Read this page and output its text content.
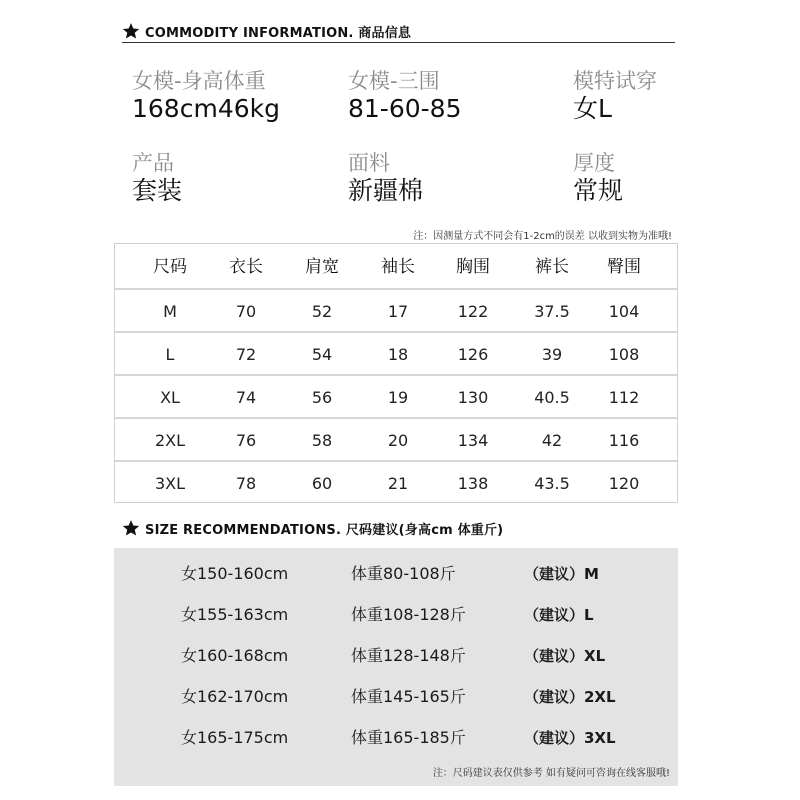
COMMODITY INFORMATION. 商品信息
女模-身高体重
168cm46kg
女模-三围
81-60-85
模特试穿
女L
产品
套装
面料
新疆棉
厚度
常规
注：因测量方式不同会有1-2cm的误差 以收到实物为准哦!
尺码	衣长	肩宽	袖长	胸围	裤长	臀围
M	70	52	17	122	37.5	104
L	72	54	18	126	39	108
XL	74	56	19	130	40.5	112
2XL	76	58	20	134	42	116
3XL	78	60	21	138	43.5	120
SIZE RECOMMENDATIONS. 尺码建议(身高cm 体重斤)
女150-160cm	体重80-108斤	（建议）M
女155-163cm	体重108-128斤	（建议）L
女160-168cm	体重128-148斤	（建议）XL
女162-170cm	体重145-165斤	（建议）2XL
女165-175cm	体重165-185斤	（建议）3XL
注：尺码建议表仅供参考 如有疑问可咨询在线客服哦!
